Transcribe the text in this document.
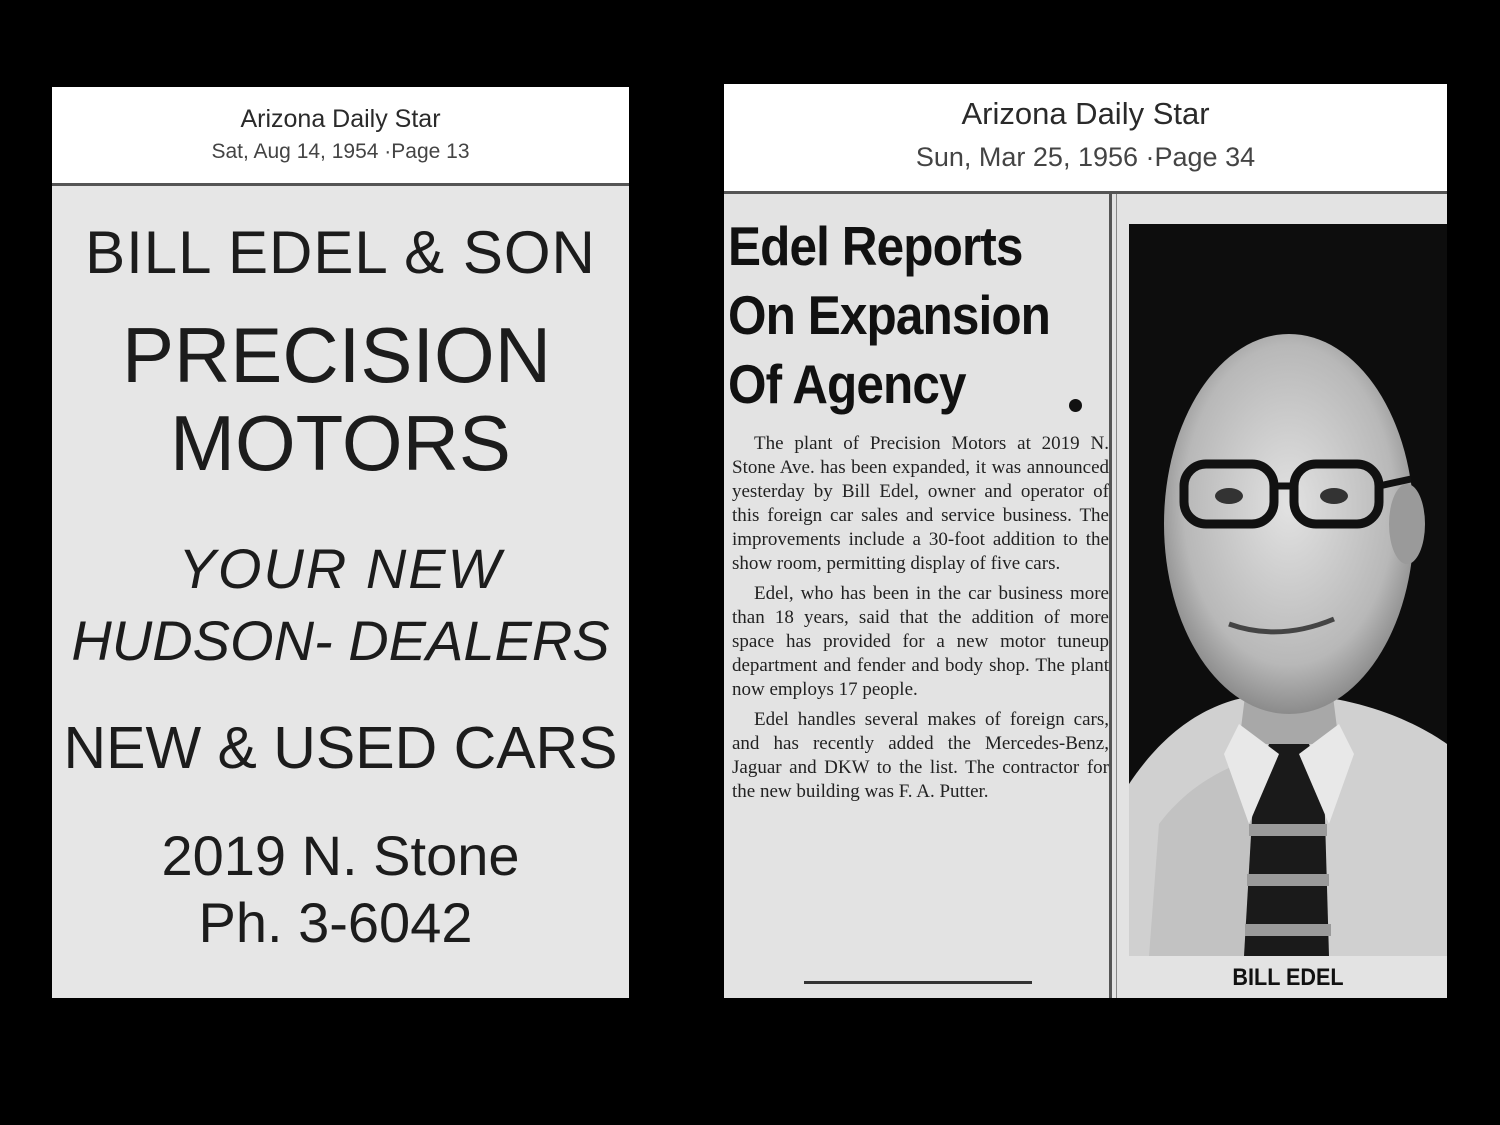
Arizona Daily Star
Sat, Aug 14, 1954 ·Page 13
BILL EDEL & SON
PRECISION
MOTORS
YOUR NEW
HUDSON- DEALERS
NEW & USED CARS
2019 N. Stone
Ph. 3-6042
Arizona Daily Star
Sun, Mar 25, 1956 ·Page 34
Edel Reports
On Expansion
Of Agency

The plant of Precision Motors at 2019 N. Stone Ave. has been expanded, it was announced yesterday by Bill Edel, owner and operator of this foreign car sales and service business. The improvements include a 30-foot addition to the show room, permitting display of five cars.

Edel, who has been in the car business more than 18 years, said that the addition of more space has provided for a new motor tuneup department and fender and body shop. The plant now employs 17 people.

Edel handles several makes of foreign cars, and has recently added the Mercedes-Benz, Jaguar and DKW to the list. The contractor for the new building was F. A. Putter.

BILL EDEL
